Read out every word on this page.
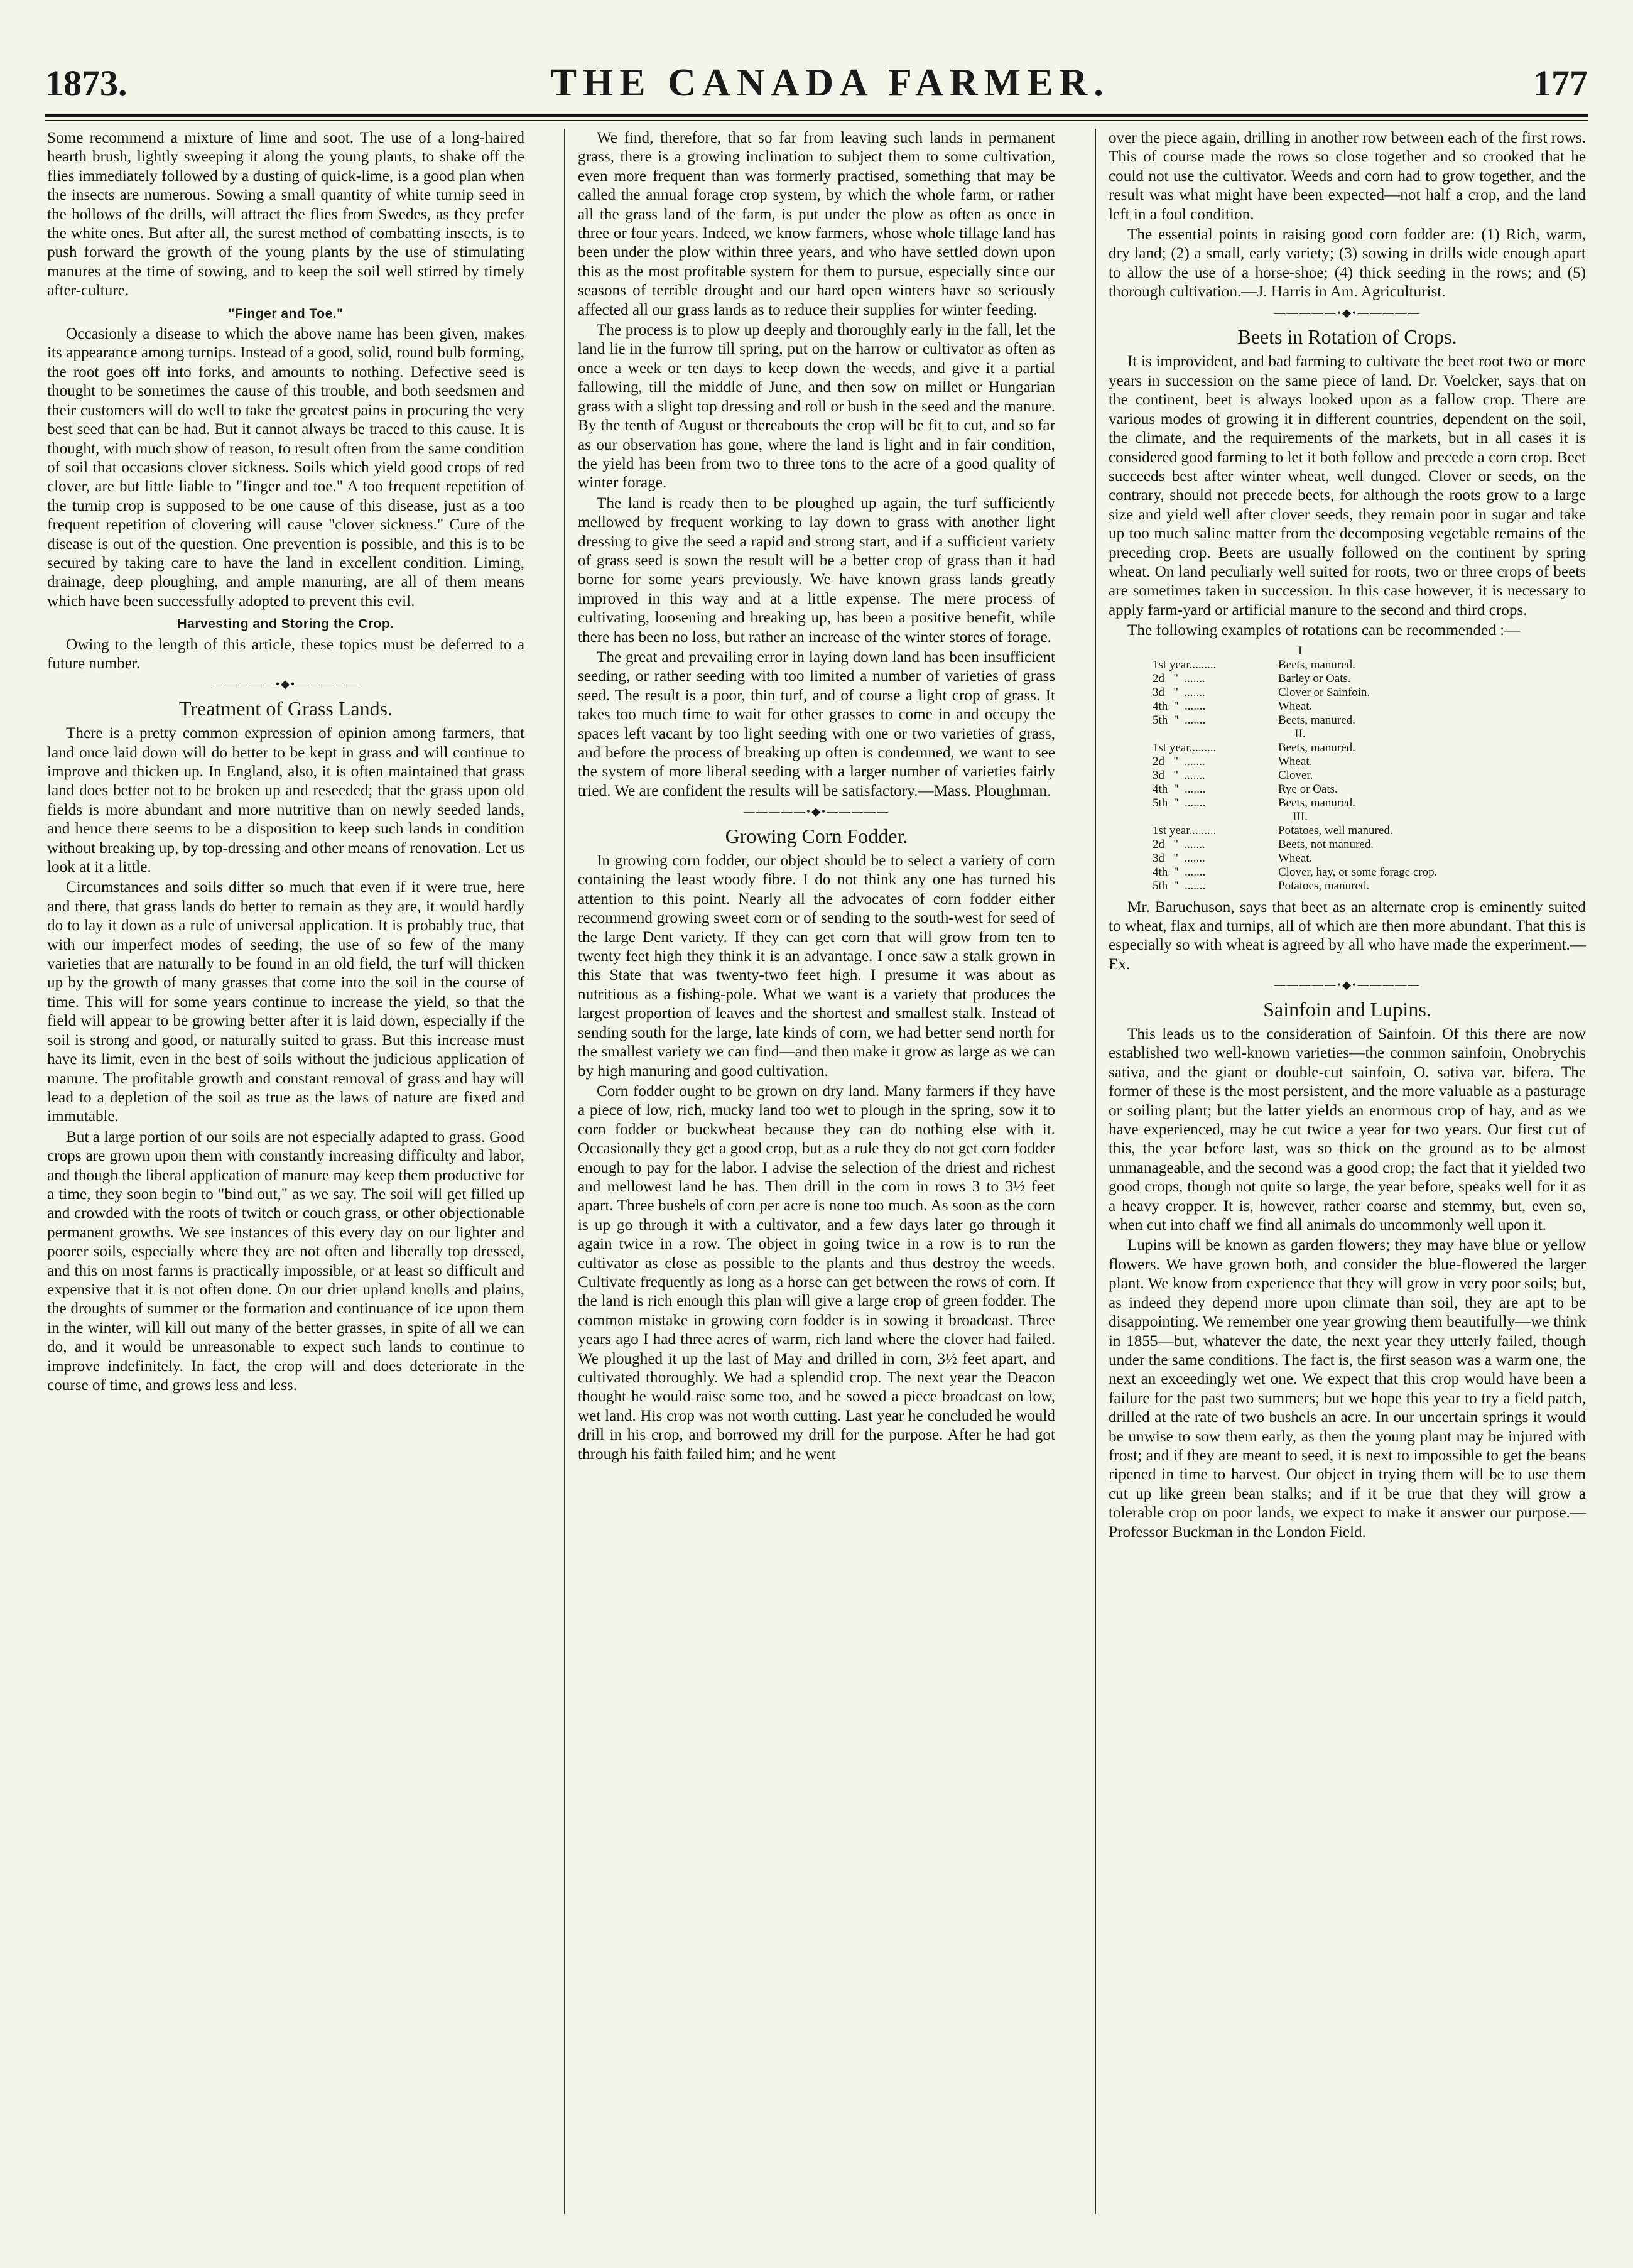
1873.	THE CANADA FARMER.	177

Some recommend a mixture of lime and soot. The use of a long-haired hearth brush, lightly sweeping it along the young plants, to shake off the flies immediately followed by a dusting of quick-lime, is a good plan when the insects are numerous. Sowing a small quantity of white turnip seed in the hollows of the drills, will attract the flies from Swedes, as they prefer the white ones. But after all, the surest method of combatting insects, is to push forward the growth of the young plants by the use of stimulating manures at the time of sowing, and to keep the soil well stirred by timely after-culture.

"Finger and Toe."

Occasionly a disease to which the above name has been given, makes its appearance among turnips. Instead of a good, solid, round bulb forming, the root goes off into forks, and amounts to nothing. Defective seed is thought to be sometimes the cause of this trouble, and both seedsmen and their customers will do well to take the greatest pains in procuring the very best seed that can be had. But it cannot always be traced to this cause. It is thought, with much show of reason, to result often from the same condition of soil that occasions clover sickness. Soils which yield good crops of red clover, are but little liable to "finger and toe." A too frequent repetition of the turnip crop is supposed to be one cause of this disease, just as a too frequent repetition of clovering will cause "clover sickness." Cure of the disease is out of the question. One prevention is possible, and this is to be secured by taking care to have the land in excellent condition. Liming, drainage, deep ploughing, and ample manuring, are all of them means which have been successfully adopted to prevent this evil.

Harvesting and Storing the Crop.

Owing to the length of this article, these topics must be deferred to a future number.

—————•◆•—————
Treatment of Grass Lands.

There is a pretty common expression of opinion among farmers, that land once laid down will do better to be kept in grass and will continue to improve and thicken up. In England, also, it is often maintained that grass land does better not to be broken up and reseeded; that the grass upon old fields is more abundant and more nutritive than on newly seeded lands, and hence there seems to be a disposition to keep such lands in condition without breaking up, by top-dressing and other means of renovation. Let us look at it a little.

Circumstances and soils differ so much that even if it were true, here and there, that grass lands do better to remain as they are, it would hardly do to lay it down as a rule of universal application. It is probably true, that with our imperfect modes of seeding, the use of so few of the many varieties that are naturally to be found in an old field, the turf will thicken up by the growth of many grasses that come into the soil in the course of time. This will for some years continue to increase the yield, so that the field will appear to be growing better after it is laid down, especially if the soil is strong and good, or naturally suited to grass. But this increase must have its limit, even in the best of soils without the judicious application of manure. The profitable growth and constant removal of grass and hay will lead to a depletion of the soil as true as the laws of nature are fixed and immutable.

But a large portion of our soils are not especially adapted to grass. Good crops are grown upon them with constantly increasing difficulty and labor, and though the liberal application of manure may keep them productive for a time, they soon begin to "bind out," as we say. The soil will get filled up and crowded with the roots of twitch or couch grass, or other objectionable permanent growths. We see instances of this every day on our lighter and poorer soils, especially where they are not often and liberally top dressed, and this on most farms is practically impossible, or at least so difficult and expensive that it is not often done. On our drier upland knolls and plains, the droughts of summer or the formation and continuance of ice upon them in the winter, will kill out many of the better grasses, in spite of all we can do, and it would be unreasonable to expect such lands to continue to improve indefinitely. In fact, the crop will and does deteriorate in the course of time, and grows less and less.

We find, therefore, that so far from leaving such lands in permanent grass, there is a growing inclination to subject them to some cultivation, even more frequent than was formerly practised, something that may be called the annual forage crop system, by which the whole farm, or rather all the grass land of the farm, is put under the plow as often as once in three or four years. Indeed, we know farmers, whose whole tillage land has been under the plow within three years, and who have settled down upon this as the most profitable system for them to pursue, especially since our seasons of terrible drought and our hard open winters have so seriously affected all our grass lands as to reduce their supplies for winter feeding.

The process is to plow up deeply and thoroughly early in the fall, let the land lie in the furrow till spring, put on the harrow or cultivator as often as once a week or ten days to keep down the weeds, and give it a partial fallowing, till the middle of June, and then sow on millet or Hungarian grass with a slight top dressing and roll or bush in the seed and the manure. By the tenth of August or thereabouts the crop will be fit to cut, and so far as our observation has gone, where the land is light and in fair condition, the yield has been from two to three tons to the acre of a good quality of winter forage.

The land is ready then to be ploughed up again, the turf sufficiently mellowed by frequent working to lay down to grass with another light dressing to give the seed a rapid and strong start, and if a sufficient variety of grass seed is sown the result will be a better crop of grass than it had borne for some years previously. We have known grass lands greatly improved in this way and at a little expense. The mere process of cultivating, loosening and breaking up, has been a positive benefit, while there has been no loss, but rather an increase of the winter stores of forage.

The great and prevailing error in laying down land has been insufficient seeding, or rather seeding with too limited a number of varieties of grass seed. The result is a poor, thin turf, and of course a light crop of grass. It takes too much time to wait for other grasses to come in and occupy the spaces left vacant by too light seeding with one or two varieties of grass, and before the process of breaking up often is condemned, we want to see the system of more liberal seeding with a larger number of varieties fairly tried. We are confident the results will be satisfactory.—Mass. Ploughman.

—————•◆•—————
Growing Corn Fodder.

In growing corn fodder, our object should be to select a variety of corn containing the least woody fibre. I do not think any one has turned his attention to this point. Nearly all the advocates of corn fodder either recommend growing sweet corn or of sending to the south-west for seed of the large Dent variety. If they can get corn that will grow from ten to twenty feet high they think it is an advantage. I once saw a stalk grown in this State that was twenty-two feet high. I presume it was about as nutritious as a fishing-pole. What we want is a variety that produces the largest proportion of leaves and the shortest and smallest stalk. Instead of sending south for the large, late kinds of corn, we had better send north for the smallest variety we can find—and then make it grow as large as we can by high manuring and good cultivation.

Corn fodder ought to be grown on dry land. Many farmers if they have a piece of low, rich, mucky land too wet to plough in the spring, sow it to corn fodder or buckwheat because they can do nothing else with it. Occasionally they get a good crop, but as a rule they do not get corn fodder enough to pay for the labor. I advise the selection of the driest and richest and mellowest land he has. Then drill in the corn in rows 3 to 3½ feet apart. Three bushels of corn per acre is none too much. As soon as the corn is up go through it with a cultivator, and a few days later go through it again twice in a row. The object in going twice in a row is to run the cultivator as close as possible to the plants and thus destroy the weeds. Cultivate frequently as long as a horse can get between the rows of corn. If the land is rich enough this plan will give a large crop of green fodder. The common mistake in growing corn fodder is in sowing it broadcast. Three years ago I had three acres of warm, rich land where the clover had failed. We ploughed it up the last of May and drilled in corn, 3½ feet apart, and cultivated thoroughly. We had a splendid crop. The next year the Deacon thought he would raise some too, and he sowed a piece broadcast on low, wet land. His crop was not worth cutting. Last year he concluded he would drill in his crop, and borrowed my drill for the purpose. After he had got through his faith failed him; and he went

over the piece again, drilling in another row between each of the first rows. This of course made the rows so close together and so crooked that he could not use the cultivator. Weeds and corn had to grow together, and the result was what might have been expected—not half a crop, and the land left in a foul condition.

The essential points in raising good corn fodder are: (1) Rich, warm, dry land; (2) a small, early variety; (3) sowing in drills wide enough apart to allow the use of a horse-shoe; (4) thick seeding in the rows; and (5) thorough cultivation.—J. Harris in Am. Agriculturist.

—————•◆•—————
Beets in Rotation of Crops.

It is improvident, and bad farming to cultivate the beet root two or more years in succession on the same piece of land. Dr. Voelcker, says that on the continent, beet is always looked upon as a fallow crop. There are various modes of growing it in different countries, dependent on the soil, the climate, and the requirements of the markets, but in all cases it is considered good farming to let it both follow and precede a corn crop. Beet succeeds best after winter wheat, well dunged. Clover or seeds, on the contrary, should not precede beets, for although the roots grow to a large size and yield well after clover seeds, they remain poor in sugar and take up too much saline matter from the decomposing vegetable remains of the preceding crop. Beets are usually followed on the continent by spring wheat. On land peculiarly well suited for roots, two or three crops of beets are sometimes taken in succession. In this case however, it is necessary to apply farm-yard or artificial manure to the second and third crops.

The following examples of rotations can be recommended :—

I
1st year.........	Beets, manured.
2d   "  .......	Barley or Oats.
3d   "  .......	Clover or Sainfoin.
4th  "  .......	Wheat.
5th  "  .......	Beets, manured.
II.
1st year.........	Beets, manured.
2d   "  .......	Wheat.
3d   "  .......	Clover.
4th  "  .......	Rye or Oats.
5th  "  .......	Beets, manured.
III.
1st year.........	Potatoes, well manured.
2d   "  .......	Beets, not manured.
3d   "  .......	Wheat.
4th  "  .......	Clover, hay, or some forage crop.
5th  "  .......	Potatoes, manured.

Mr. Baruchuson, says that beet as an alternate crop is eminently suited to wheat, flax and turnips, all of which are then more abundant. That this is especially so with wheat is agreed by all who have made the experiment.—Ex.

—————•◆•—————
Sainfoin and Lupins.

This leads us to the consideration of Sainfoin. Of this there are now established two well-known varieties—the common sainfoin, Onobrychis sativa, and the giant or double-cut sainfoin, O. sativa var. bifera. The former of these is the most persistent, and the more valuable as a pasturage or soiling plant; but the latter yields an enormous crop of hay, and as we have experienced, may be cut twice a year for two years. Our first cut of this, the year before last, was so thick on the ground as to be almost unmanageable, and the second was a good crop; the fact that it yielded two good crops, though not quite so large, the year before, speaks well for it as a heavy cropper. It is, however, rather coarse and stemmy, but, even so, when cut into chaff we find all animals do uncommonly well upon it.

Lupins will be known as garden flowers; they may have blue or yellow flowers. We have grown both, and consider the blue-flowered the larger plant. We know from experience that they will grow in very poor soils; but, as indeed they depend more upon climate than soil, they are apt to be disappointing. We remember one year growing them beautifully—we think in 1855—but, whatever the date, the next year they utterly failed, though under the same conditions. The fact is, the first season was a warm one, the next an exceedingly wet one. We expect that this crop would have been a failure for the past two summers; but we hope this year to try a field patch, drilled at the rate of two bushels an acre. In our uncertain springs it would be unwise to sow them early, as then the young plant may be injured with frost; and if they are meant to seed, it is next to impossible to get the beans ripened in time to harvest. Our object in trying them will be to use them cut up like green bean stalks; and if it be true that they will grow a tolerable crop on poor lands, we expect to make it answer our purpose.—Professor Buckman in the London Field.
